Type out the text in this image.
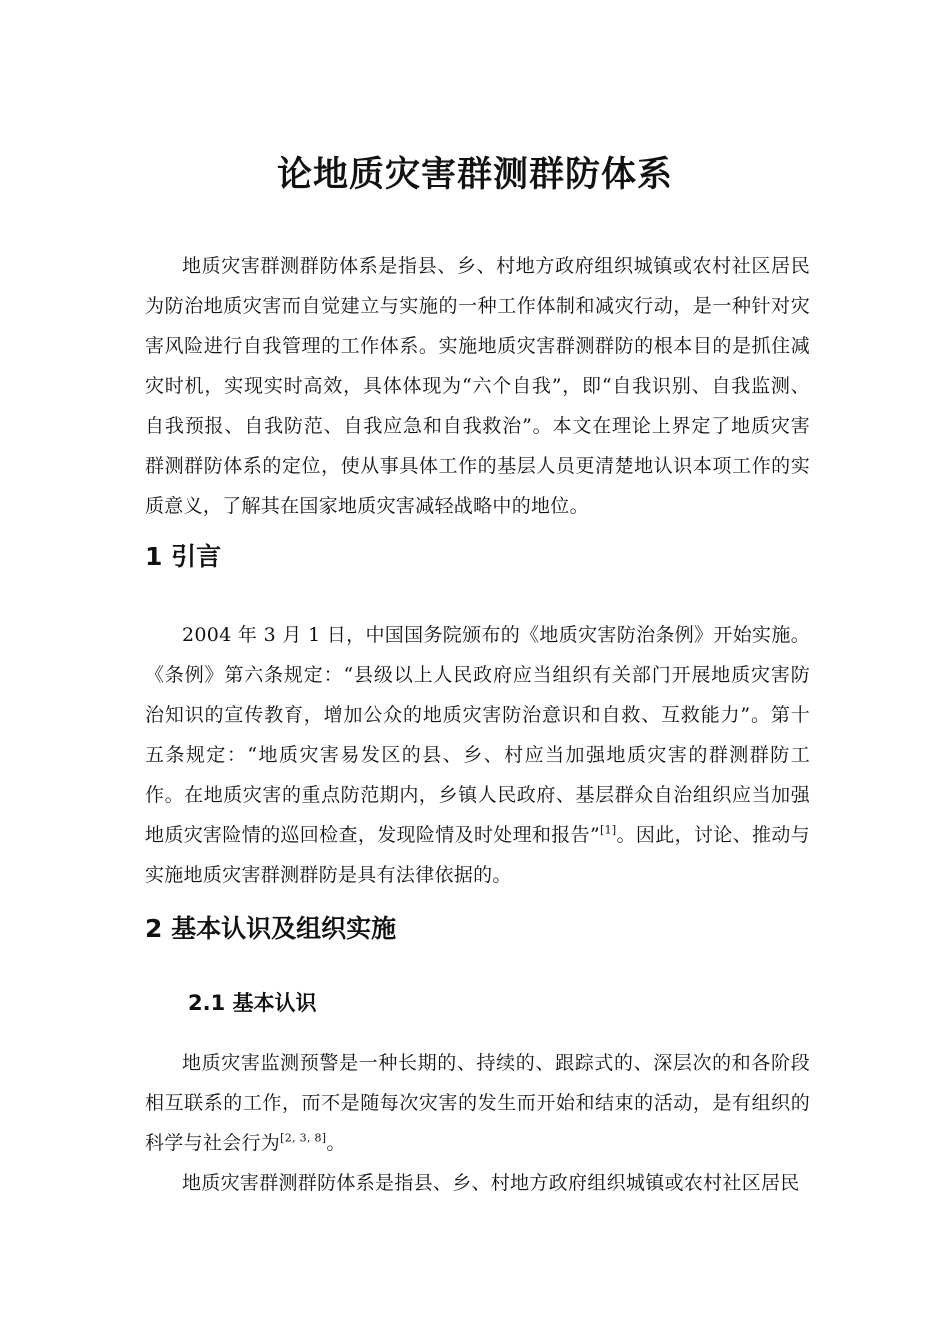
论地质灾害群测群防体系

地质灾害群测群防体系是指县、乡、村地方政府组织城镇或农村社区居民为防治地质灾害而自觉建立与实施的一种工作体制和减灾行动，是一种针对灾害风险进行自我管理的工作体系。实施地质灾害群测群防的根本目的是抓住减灾时机，实现实时高效，具体体现为“六个自我”，即“自我识别、自我监测、自我预报、自我防范、自我应急和自我救治”。本文在理论上界定了地质灾害群测群防体系的定位，使从事具体工作的基层人员更清楚地认识本项工作的实质意义，了解其在国家地质灾害减轻战略中的地位。

1 引言

2004 年 3 月 1 日，中国国务院颁布的《地质灾害防治条例》开始实施。《条例》第六条规定：“县级以上人民政府应当组织有关部门开展地质灾害防治知识的宣传教育，增加公众的地质灾害防治意识和自救、互救能力”。第十五条规定：“地质灾害易发区的县、乡、村应当加强地质灾害的群测群防工作。在地质灾害的重点防范期内，乡镇人民政府、基层群众自治组织应当加强地质灾害险情的巡回检查，发现险情及时处理和报告”[1]。因此，讨论、推动与实施地质灾害群测群防是具有法律依据的。

2 基本认识及组织实施
2.1 基本认识

地质灾害监测预警是一种长期的、持续的、跟踪式的、深层次的和各阶段相互联系的工作，而不是随每次灾害的发生而开始和结束的活动，是有组织的科学与社会行为[2, 3, 8]。

地质灾害群测群防体系是指县、乡、村地方政府组织城镇或农村社区居民
